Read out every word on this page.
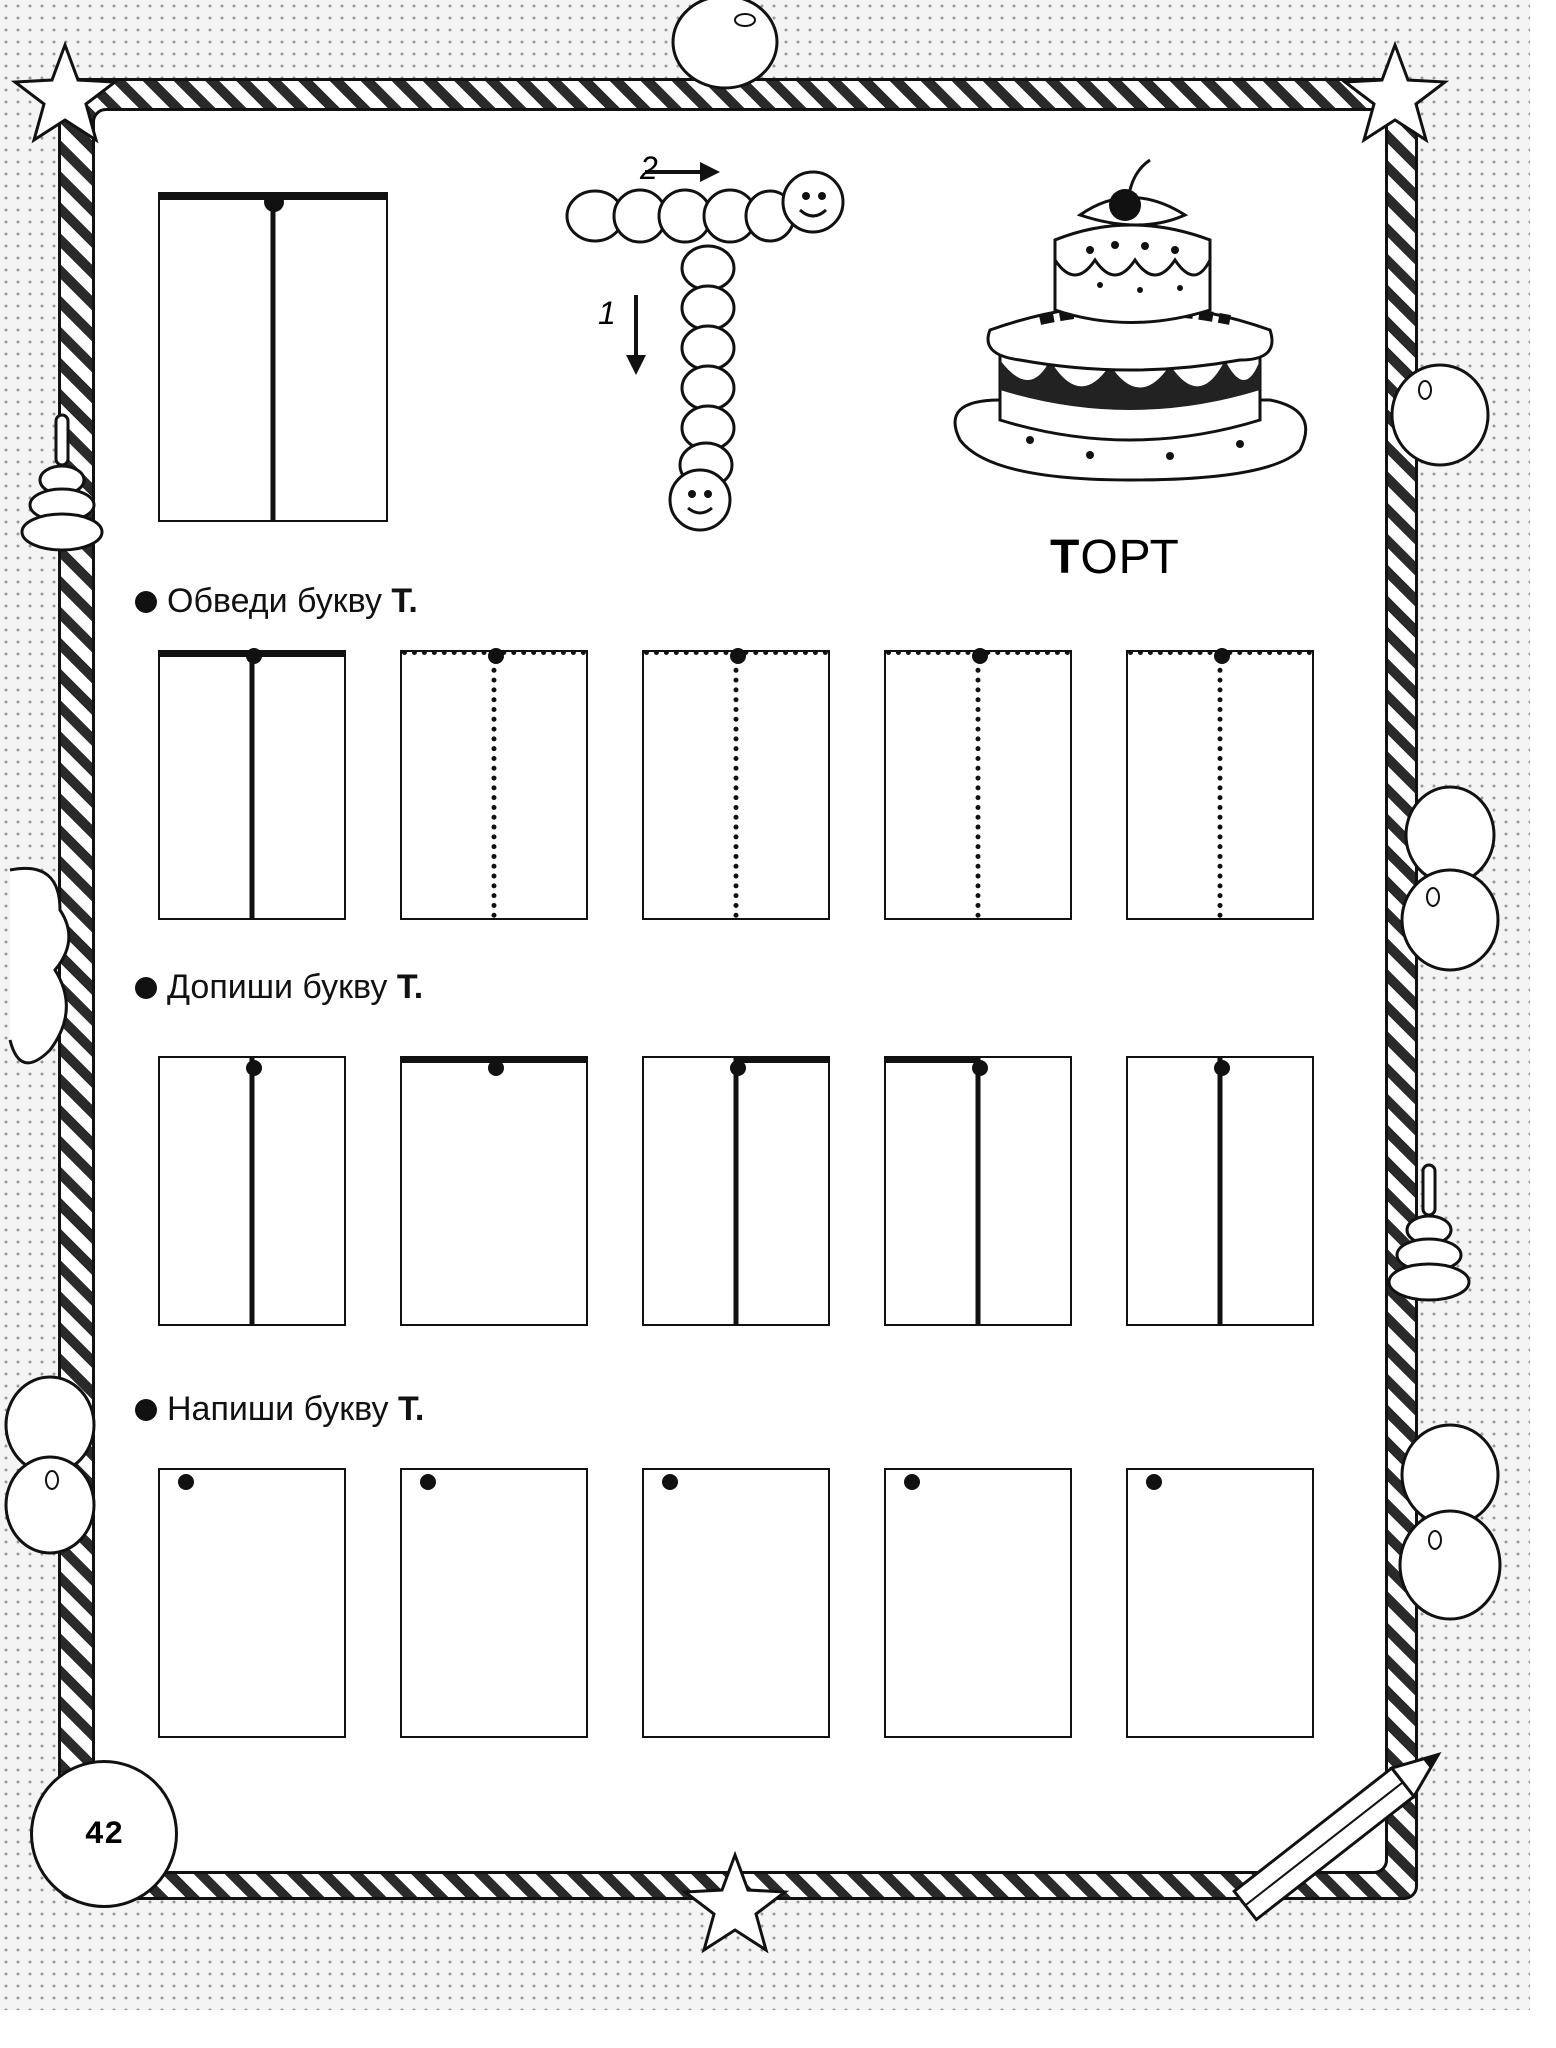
2
1
ТОРТ
Обведи букву Т.
Допиши букву Т.
Напиши букву Т.
42
